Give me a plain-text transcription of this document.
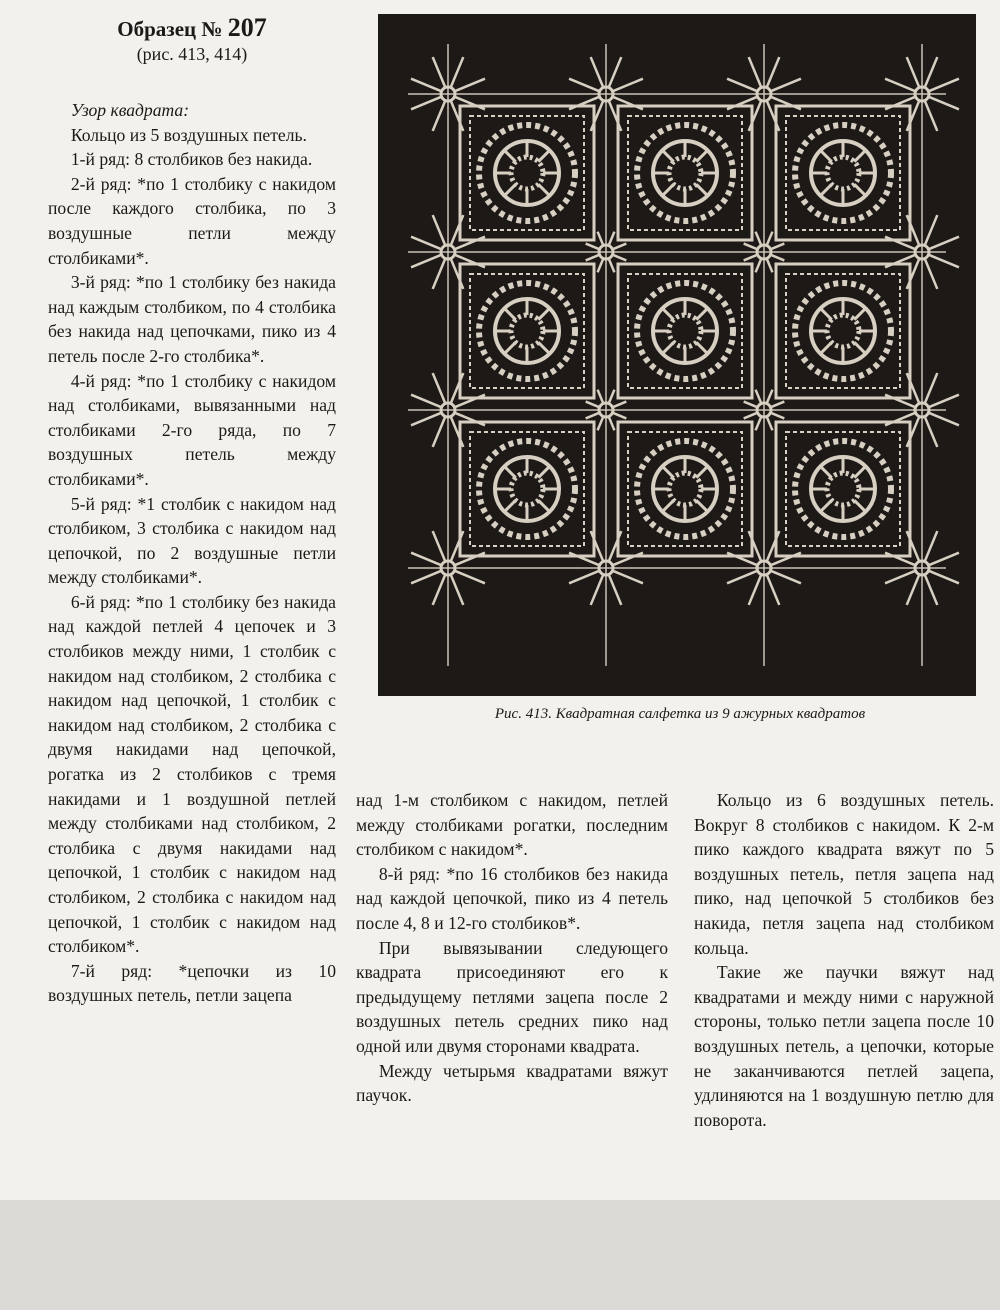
Образец № 207
(рис. 413, 414)

Узор квадрата:

Кольцо из 5 воздушных петель.

1-й ряд: 8 столбиков без накида.

2-й ряд: *по 1 столбику с накидом после каждого столбика, по 3 воздушные петли между столбиками*.

3-й ряд: *по 1 столбику без накида над каждым столбиком, по 4 столбика без накида над цепочками, пико из 4 петель после 2-го столбика*.

4-й ряд: *по 1 столбику с накидом над столбиками, вывязанными над столбиками 2-го ряда, по 7 воздушных петель между столбиками*.

5-й ряд: *1 столбик с накидом над столбиком, 3 столбика с накидом над цепочкой, по 2 воздушные петли между столбиками*.

6-й ряд: *по 1 столбику без накида над каждой петлей 4 цепочек и 3 столбиков между ними, 1 столбик с накидом над столбиком, 2 столбика с накидом над цепочкой, 1 столбик с накидом над столбиком, 2 столбика с двумя накидами над цепочкой, рогатка из 2 столбиков с тремя накидами и 1 воздушной петлей между столбиками над столбиком, 2 столбика с двумя накидами над цепочкой, 1 столбик с накидом над столбиком, 2 столбика с накидом над цепочкой, 1 столбик с накидом над столбиком*.

7-й ряд: *цепочки из 10 воздушных петель, петли зацепа

Рис. 413. Квадратная салфетка из 9 ажурных квадратов

над 1-м столбиком с накидом, петлей между столбиками рогатки, последним столбиком с накидом*.

8-й ряд: *по 16 столбиков без накида над каждой цепочкой, пико из 4 петель после 4, 8 и 12-го столбиков*.

При вывязывании следующего квадрата присоединяют его к предыдущему петлями зацепа после 2 воздушных петель средних пико над одной или двумя сторонами квадрата.

Между четырьмя квадратами вяжут паучок.

Кольцо из 6 воздушных петель. Вокруг 8 столбиков с накидом. К 2-м пико каждого квадрата вяжут по 5 воздушных петель, петля зацепа над пико, над цепочкой 5 столбиков без накида, петля зацепа над столбиком кольца.

Такие же паучки вяжут над квадратами и между ними с наружной стороны, только петли зацепа после 10 воздушных петель, а цепочки, которые не заканчиваются петлей зацепа, удлиняются на 1 воздушную петлю для поворота.
